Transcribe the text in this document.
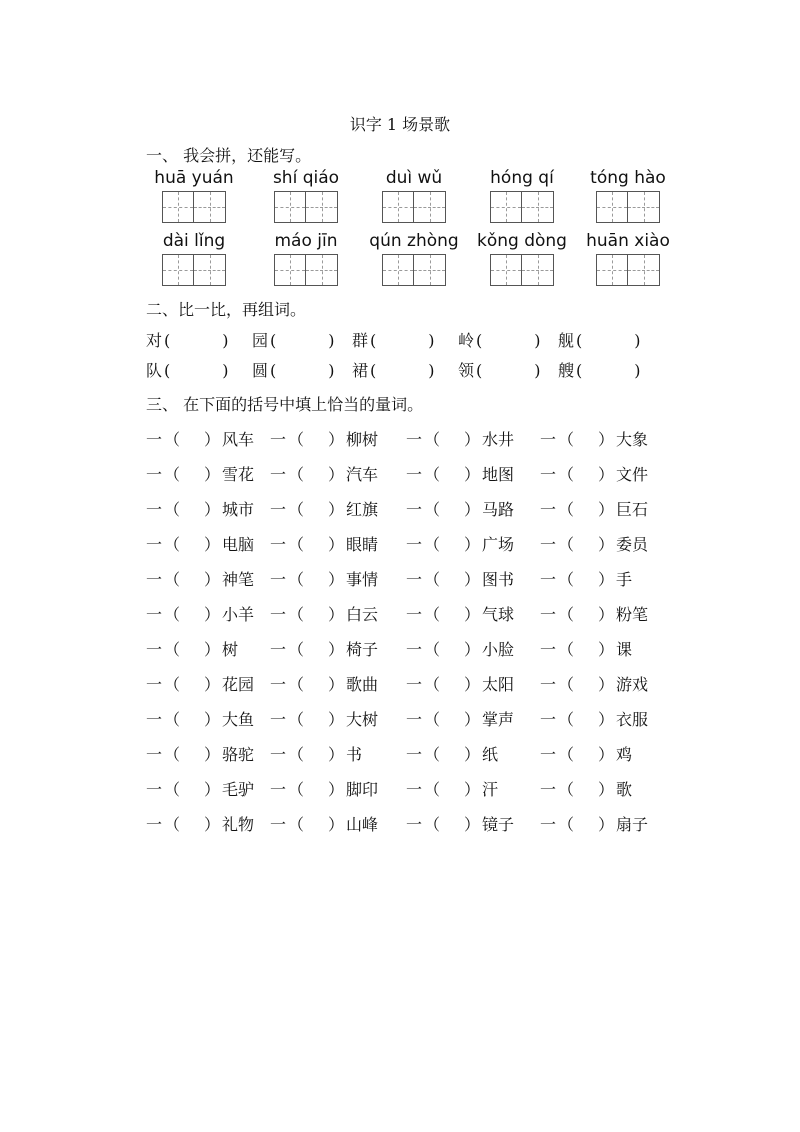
识字 1 场景歌
一、 我会拼，还能写。
二、比一比，再组词。
三、 在下面的括号中填上恰当的量词。
huā yuán	shí qiáo	duì wǔ	hóng qí	tóng hào
dài lǐng	máo jīn	qún zhòng	kǒng dòng	huān xiào
对 (	) 园 (	) 群 (	) 岭 (	) 舰 (	)
队 (	) 圆 (	) 裙 (	) 领 (	) 艘 (	)
一 （ ） 风车 一 （ ） 柳树 一 （ ） 水井 一 （ ） 大象
一 （ ） 雪花 一 （ ） 汽车 一 （ ） 地图 一 （ ） 文件
一 （ ） 城市 一 （ ） 红旗 一 （ ） 马路 一 （ ） 巨石
一 （ ） 电脑 一 （ ） 眼睛 一 （ ） 广场 一 （ ） 委员
一 （ ） 神笔 一 （ ） 事情 一 （ ） 图书 一 （ ） 手
一 （ ） 小羊 一 （ ） 白云 一 （ ） 气球 一 （ ） 粉笔
一 （ ） 树 一 （ ） 椅子 一 （ ） 小脸 一 （ ） 课
一 （ ） 花园 一 （ ） 歌曲 一 （ ） 太阳 一 （ ） 游戏
一 （ ） 大鱼 一 （ ） 大树 一 （ ） 掌声 一 （ ） 衣服
一 （ ） 骆驼 一 （ ） 书	一 （ ） 纸	一 （ ） 鸡
一 （ ） 毛驴 一 （ ） 脚印 一 （ ） 汗	一 （ ） 歌
一 （ ） 礼物 一 （ ） 山峰 一 （ ） 镜子 一 （ ） 扇子
